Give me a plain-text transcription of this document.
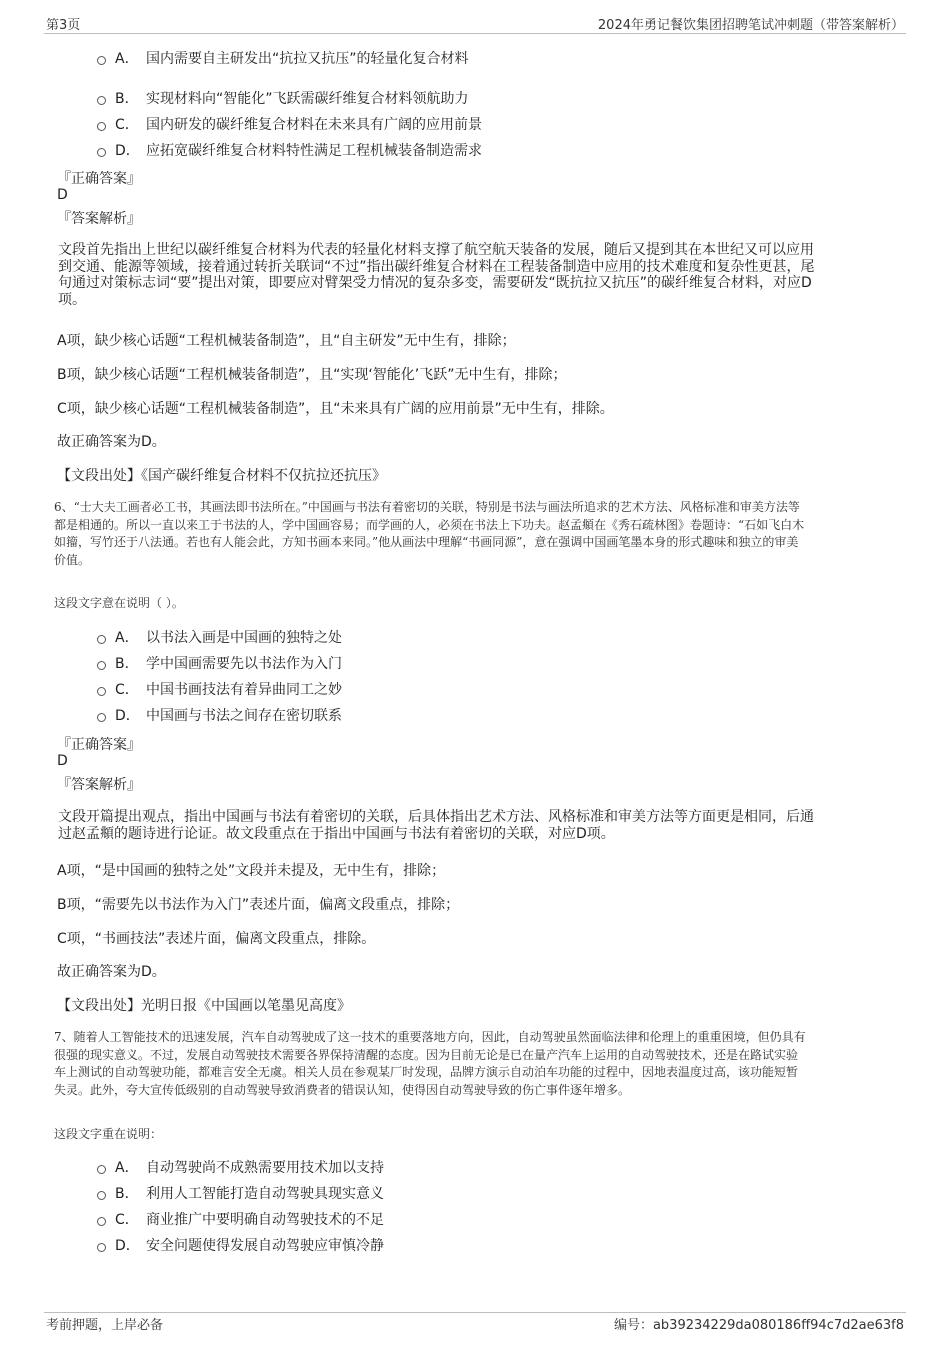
第3页	2024年勇记餐饮集团招聘笔试冲刺题（带答案解析）
A． 国内需要自主研发出“抗拉又抗压”的轻量化复合材料
B． 实现材料向“智能化”飞跃需碳纤维复合材料领航助力
C． 国内研发的碳纤维复合材料在未来具有广阔的应用前景
D． 应拓宽碳纤维复合材料特性满足工程机械装备制造需求
『正确答案』
D
『答案解析』
文段首先指出上世纪以碳纤维复合材料为代表的轻量化材料支撑了航空航天装备的发展，随后又提到其在本世纪又可以应用
到交通、能源等领域，接着通过转折关联词“不过”指出碳纤维复合材料在工程装备制造中应用的技术难度和复杂性更甚，尾
句通过对策标志词“要”提出对策，即要应对臂架受力情况的复杂多变，需要研发“既抗拉又抗压”的碳纤维复合材料，对应D
项。
A项，缺少核心话题“工程机械装备制造”，且“自主研发”无中生有，排除；
B项，缺少核心话题“工程机械装备制造”，且“实现‘智能化’飞跃”无中生有，排除；
C项，缺少核心话题“工程机械装备制造”，且“未来具有广阔的应用前景”无中生有，排除。
故正确答案为D。
【文段出处】《国产碳纤维复合材料不仅抗拉还抗压》
6、“士大夫工画者必工书，其画法即书法所在。”中国画与书法有着密切的关联，特别是书法与画法所追求的艺术方法、风格标准和审美方法等
都是相通的。所以一直以来工于书法的人，学中国画容易；而学画的人，必须在书法上下功夫。赵孟頫在《秀石疏林图》卷题诗：“石如飞白木
如籀，写竹还于八法通。若也有人能会此，方知书画本来同。”他从画法中理解“书画同源”，意在强调中国画笔墨本身的形式趣味和独立的审美
价值。
这段文字意在说明（ ）。
A． 以书法入画是中国画的独特之处
B． 学中国画需要先以书法作为入门
C． 中国书画技法有着异曲同工之妙
D． 中国画与书法之间存在密切联系
『正确答案』
D
『答案解析』
文段开篇提出观点，指出中国画与书法有着密切的关联，后具体指出艺术方法、风格标准和审美方法等方面更是相同，后通
过赵孟頫的题诗进行论证。故文段重点在于指出中国画与书法有着密切的关联，对应D项。
A项，“是中国画的独特之处”文段并未提及，无中生有，排除；
B项，“需要先以书法作为入门”表述片面，偏离文段重点，排除；
C项，“书画技法”表述片面，偏离文段重点，排除。
故正确答案为D。
【文段出处】光明日报《中国画以笔墨见高度》
7、随着人工智能技术的迅速发展，汽车自动驾驶成了这一技术的重要落地方向，因此，自动驾驶虽然面临法律和伦理上的重重困境，但仍具有
很强的现实意义。不过，发展自动驾驶技术需要各界保持清醒的态度。因为目前无论是已在量产汽车上运用的自动驾驶技术，还是在路试实验
车上测试的自动驾驶功能，都难言安全无虞。相关人员在参观某厂时发现，品牌方演示自动泊车功能的过程中，因地表温度过高，该功能短暂
失灵。此外，夸大宣传低级别的自动驾驶导致消费者的错误认知，使得因自动驾驶导致的伤亡事件逐年增多。
这段文字重在说明：
A． 自动驾驶尚不成熟需要用技术加以支持
B． 利用人工智能打造自动驾驶具现实意义
C． 商业推广中要明确自动驾驶技术的不足
D． 安全问题使得发展自动驾驶应审慎冷静
考前押题，上岸必备	编号：ab39234229da080186ff94c7d2ae63f8
